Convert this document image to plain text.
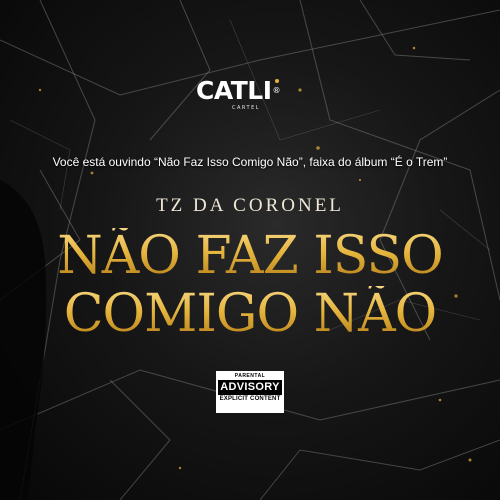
CATLI®
CARTEL
Você está ouvindo “Não Faz Isso Comigo Não”, faixa do álbum “É o Trem”
TZ DA CORONEL
NÃO FAZ ISSO
COMIGO NÃO
PARENTAL
ADVISORY
EXPLICIT CONTENT
